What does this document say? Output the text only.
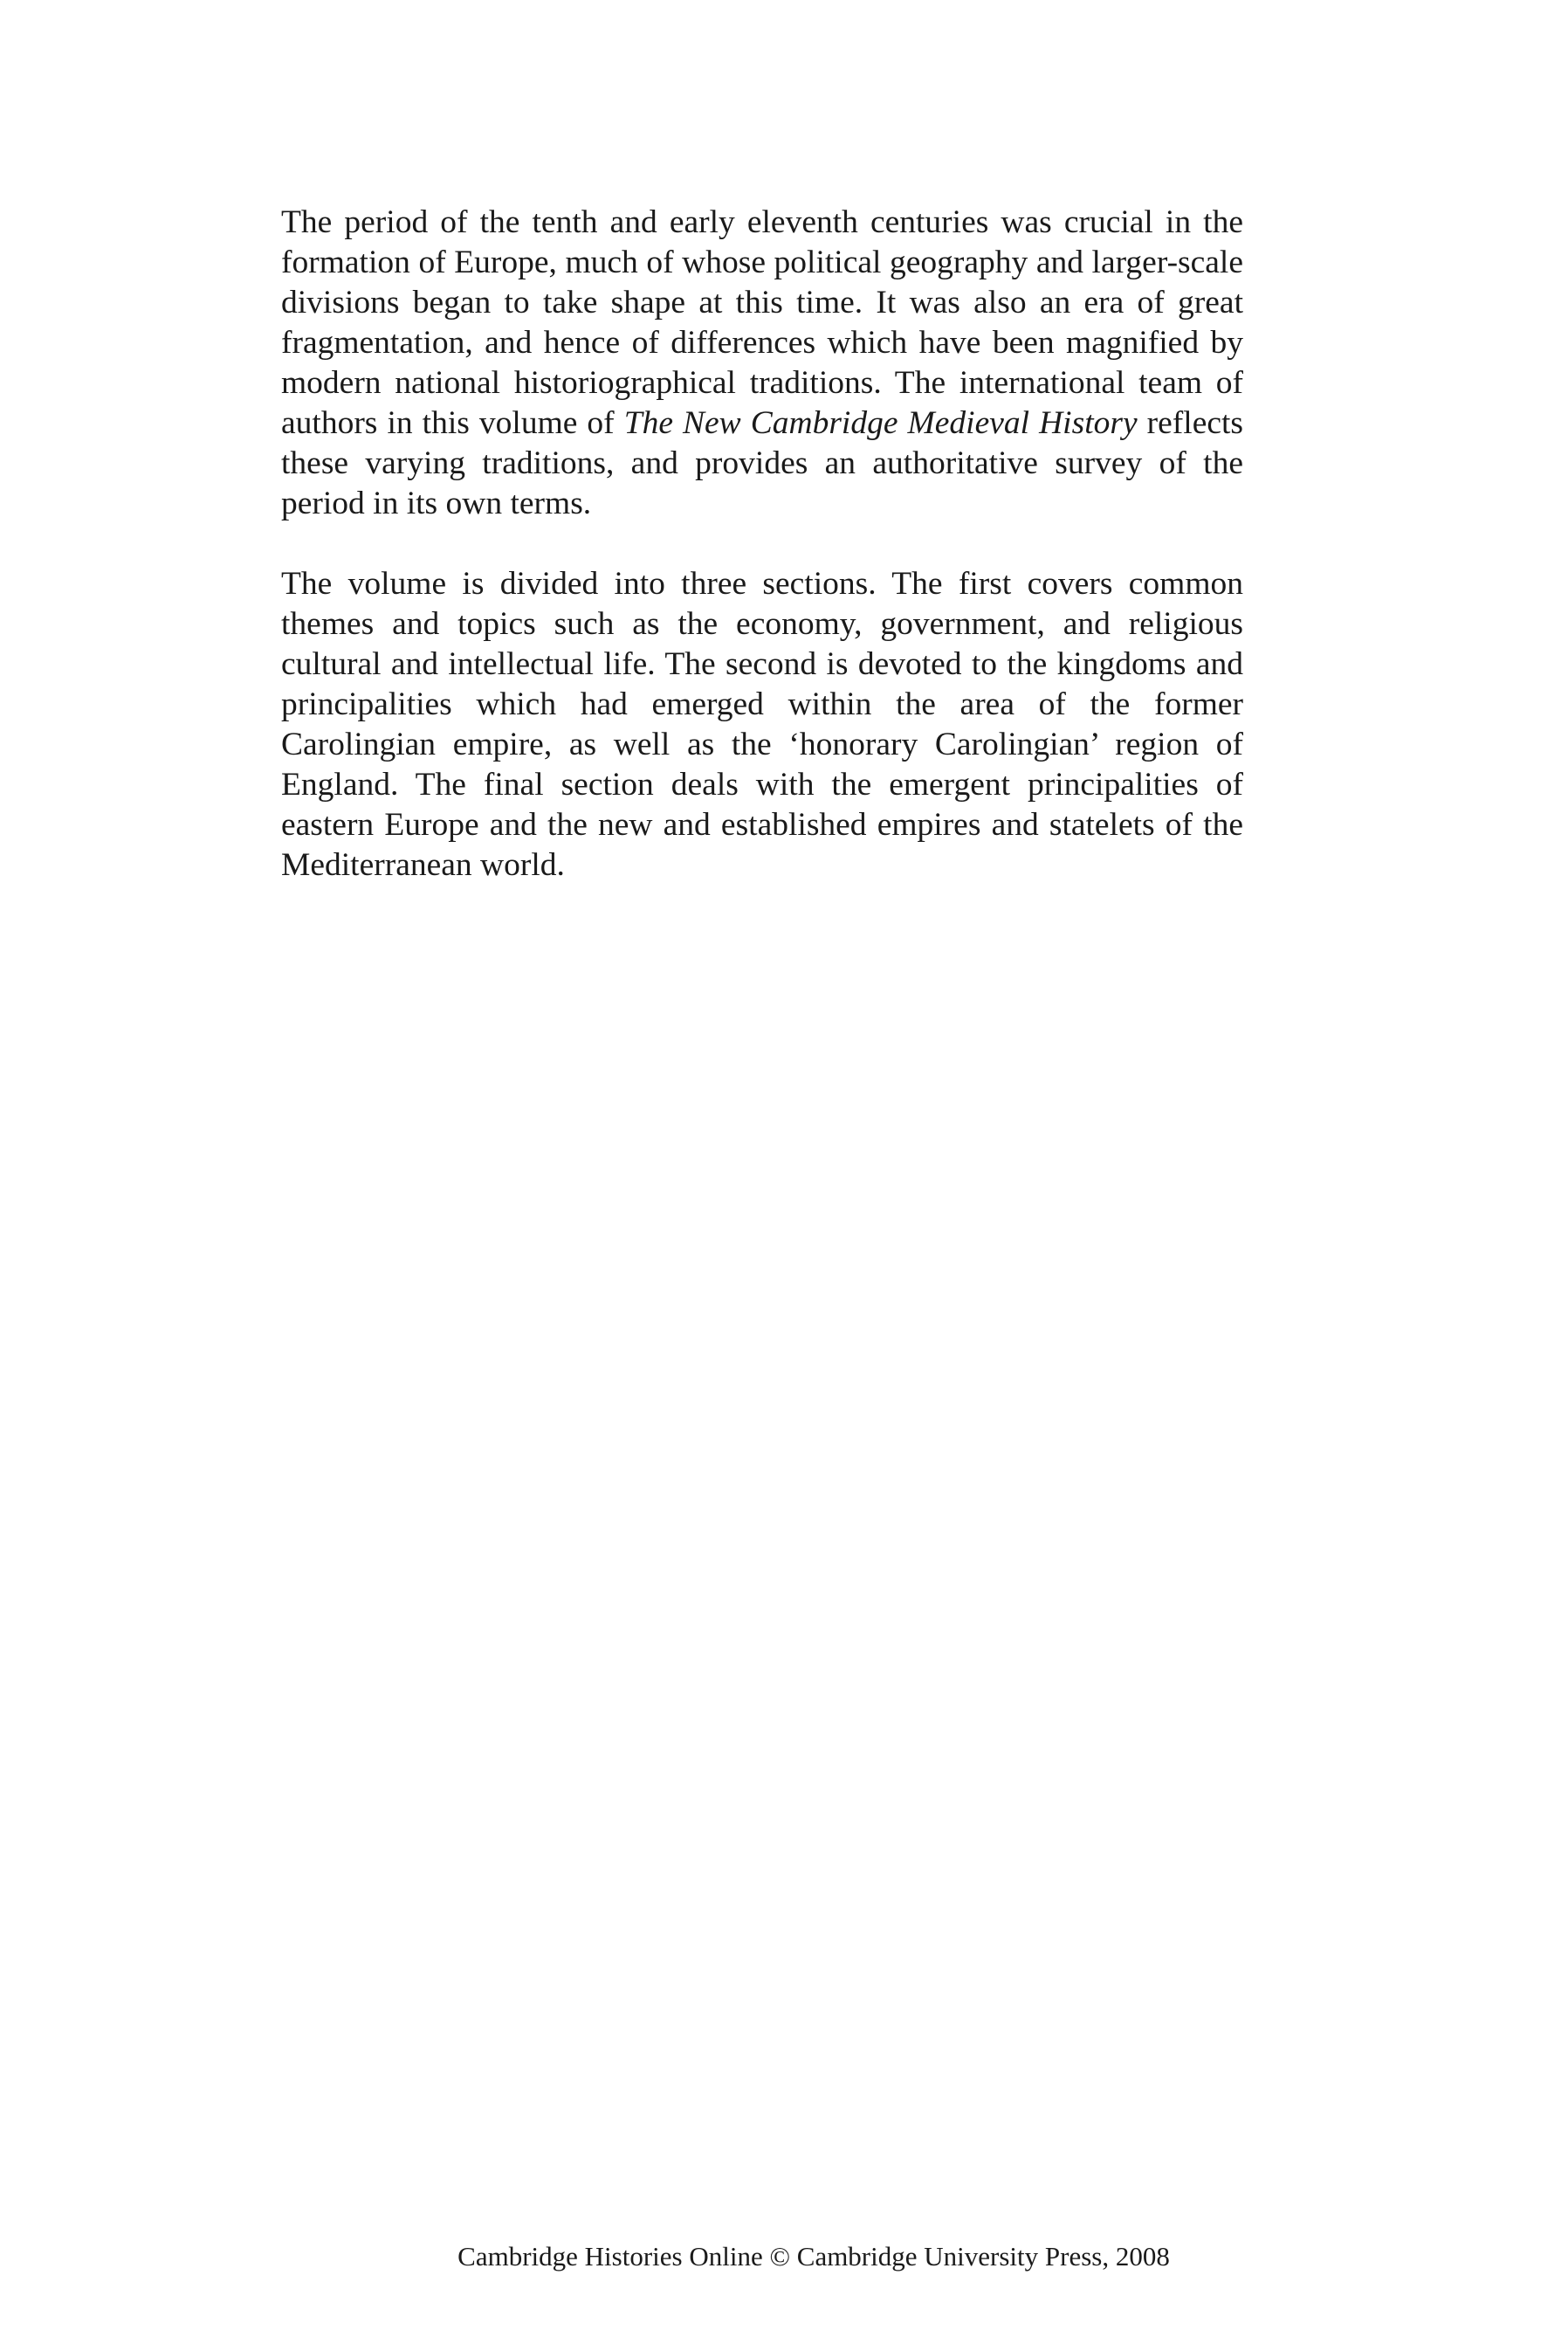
The period of the tenth and early eleventh centuries was crucial in the formation of Europe, much of whose political geography and larger-scale divisions began to take shape at this time. It was also an era of great fragmentation, and hence of differences which have been magnified by modern national historiographical traditions. The international team of authors in this volume of The New Cambridge Medieval History reflects these varying traditions, and provides an authoritative survey of the period in its own terms.

The volume is divided into three sections. The first covers common themes and topics such as the economy, government, and religious cultural and intellectual life. The second is devoted to the kingdoms and principalities which had emerged within the area of the former Carolingian empire, as well as the ‘honorary Carolingian’ region of England. The final section deals with the emergent principalities of eastern Europe and the new and established empires and statelets of the Mediterranean world.

Cambridge Histories Online © Cambridge University Press, 2008
